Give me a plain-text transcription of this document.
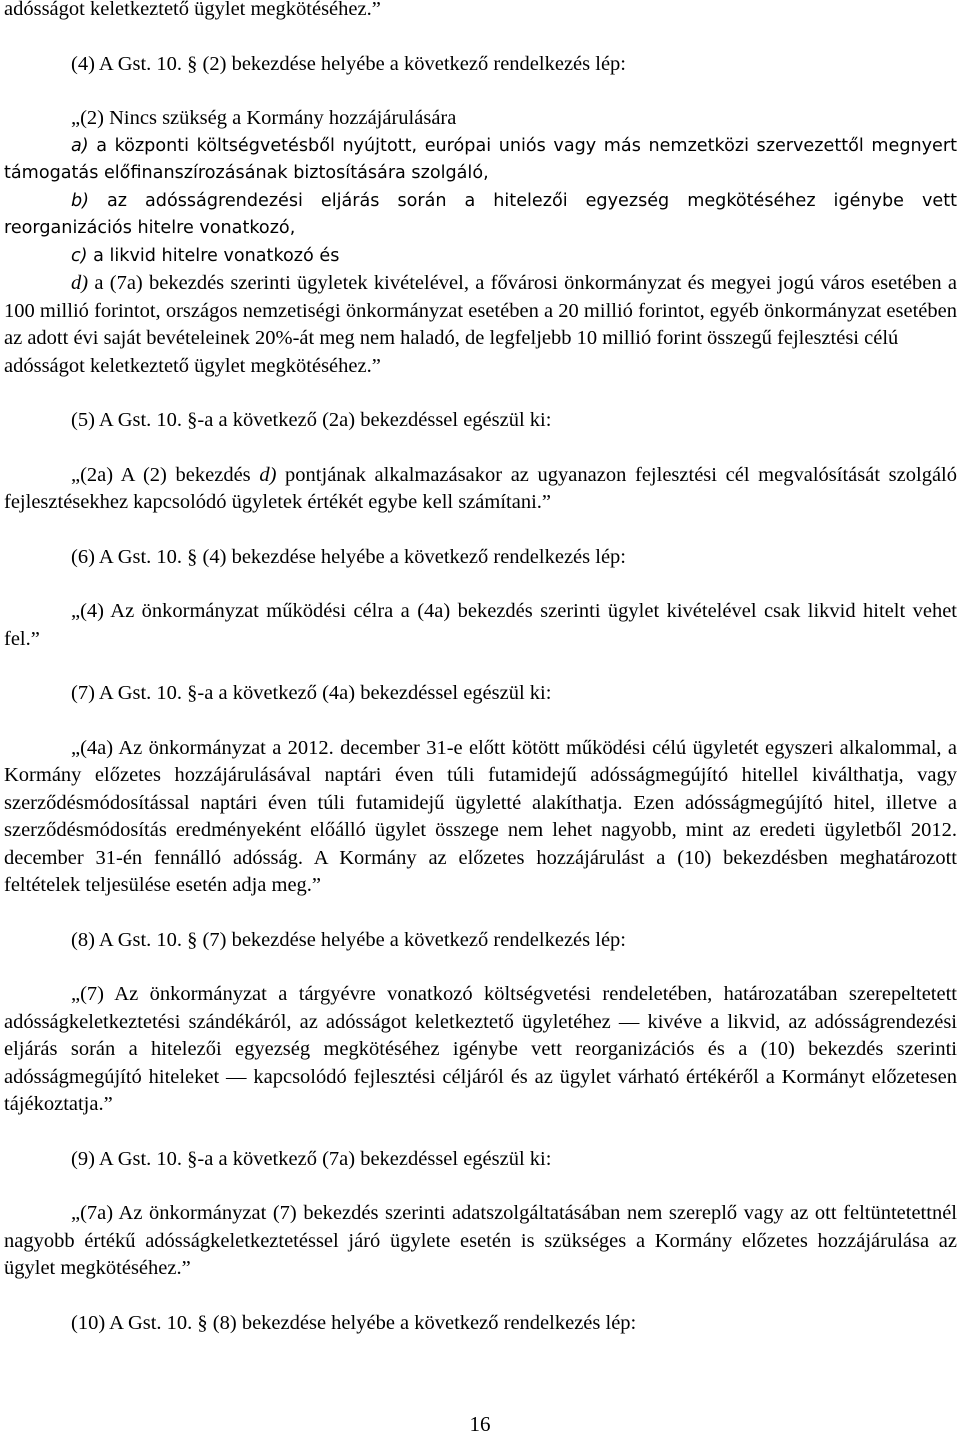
adósságot keletkeztető ügylet megkötéséhez.”

(4) A Gst. 10. § (2) bekezdése helyébe a következő rendelkezés lép:

„(2) Nincs szükség a Kormány hozzájárulására

a) a központi költségvetésből nyújtott, európai uniós vagy más nemzetközi szervezettől megnyert támogatás előfinanszírozásának biztosítására szolgáló,

b) az adósságrendezési eljárás során a hitelezői egyezség megkötéséhez igénybe vett reorganizációs hitelre vonatkozó,

c) a likvid hitelre vonatkozó és

d) a (7a) bekezdés szerinti ügyletek kivételével, a fővárosi önkormányzat és megyei jogú város esetében a 100 millió forintot, országos nemzetiségi önkormányzat esetében a 20 millió forintot, egyéb önkormányzat esetében az adott évi saját bevételeinek 20%-át meg nem haladó, de legfeljebb 10 millió forint összegű fejlesztési célú

adósságot keletkeztető ügylet megkötéséhez.”

(5) A Gst. 10. §-a a következő (2a) bekezdéssel egészül ki:

„(2a) A (2) bekezdés d) pontjának alkalmazásakor az ugyanazon fejlesztési cél megvalósítását szolgáló fejlesztésekhez kapcsolódó ügyletek értékét egybe kell számítani.”

(6) A Gst. 10. § (4) bekezdése helyébe a következő rendelkezés lép:

„(4) Az önkormányzat működési célra a (4a) bekezdés szerinti ügylet kivételével csak likvid hitelt vehet fel.”

(7) A Gst. 10. §-a a következő (4a) bekezdéssel egészül ki:

„(4a) Az önkormányzat a 2012. december 31-e előtt kötött működési célú ügyletét egyszeri alkalommal, a Kormány előzetes hozzájárulásával naptári éven túli futamidejű adósságmegújító hitellel kiválthatja, vagy szerződésmódosítással naptári éven túli futamidejű ügyletté alakíthatja. Ezen adósságmegújító hitel, illetve a szerződésmódosítás eredményeként előálló ügylet összege nem lehet nagyobb, mint az eredeti ügyletből 2012. december 31-én fennálló adósság. A Kormány az előzetes hozzájárulást a (10) bekezdésben meghatározott feltételek teljesülése esetén adja meg.”

(8) A Gst. 10. § (7) bekezdése helyébe a következő rendelkezés lép:

„(7) Az önkormányzat a tárgyévre vonatkozó költségvetési rendeletében, határozatában szerepeltetett adósságkeletkeztetési szándékáról, az adósságot keletkeztető ügyletéhez — kivéve a likvid, az adósságrendezési eljárás során a hitelezői egyezség megkötéséhez igénybe vett reorganizációs és a (10) bekezdés szerinti adósságmegújító hiteleket — kapcsolódó fejlesztési céljáról és az ügylet várható értékéről a Kormányt előzetesen tájékoztatja.”

(9) A Gst. 10. §-a a következő (7a) bekezdéssel egészül ki:

„(7a) Az önkormányzat (7) bekezdés szerinti adatszolgáltatásában nem szereplő vagy az ott feltüntetettnél nagyobb értékű adósságkeletkeztetéssel járó ügylete esetén is szükséges a Kormány előzetes hozzájárulása az ügylet megkötéséhez.”

(10) A Gst. 10. § (8) bekezdése helyébe a következő rendelkezés lép:

16
